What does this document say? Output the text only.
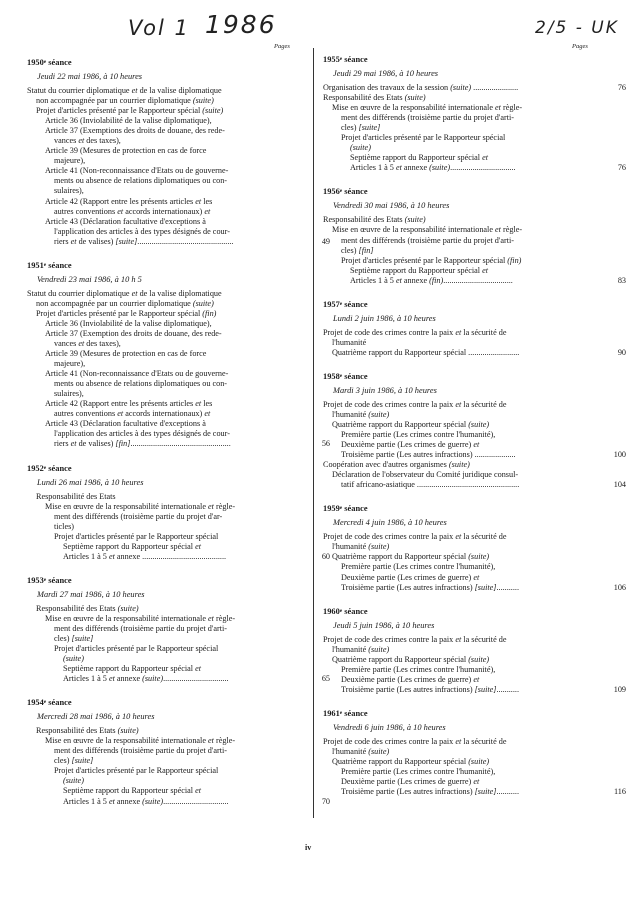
Vol 1 1986	2/5 - UK
Pages	Pages
1950e séance
Jeudi 22 mai 1986, à 10 heures
Statut du courrier diplomatique et de la valise diplomatique
non accompagnée par un courrier diplomatique (suite)
Projet d'articles présenté par le Rapporteur spécial (suite)
Article 36 (Inviolabilité de la valise diplomatique),
Article 37 (Exemptions des droits de douane, des rede-
vances et des taxes),
Article 39 (Mesures de protection en cas de force
majeure),
Article 41 (Non-reconnaissance d'Etats ou de gouverne-
ments ou absence de relations diplomatiques ou con-
sulaires),
Article 42 (Rapport entre les présents articles et les
autres conventions et accords internationaux) et
Article 43 (Déclaration facultative d'exceptions à
l'application des articles à des types désignés de cour-
riers et de valises) [suite]...............................................	49
1951e séance
Vendredi 23 mai 1986, à 10 h 5
Statut du courrier diplomatique et de la valise diplomatique
non accompagnée par un courrier diplomatique (suite)
Projet d'articles présenté par le Rapporteur spécial (fin)
Article 36 (Inviolabilité de la valise diplomatique),
Article 37 (Exemption des droits de douane, des rede-
vances et des taxes),
Article 39 (Mesures de protection en cas de force
majeure),
Article 41 (Non-reconnaissance d'Etats ou de gouverne-
ments ou absence de relations diplomatiques ou con-
sulaires),
Article 42 (Rapport entre les présents articles et les
autres conventions et accords internationaux) et
Article 43 (Déclaration facultative d'exceptions à
l'application des articles à des types désignés de cour-
riers et de valises) [fin].................................................	56
1952e séance
Lundi 26 mai 1986, à 10 heures
Responsabilité des Etats
Mise en œuvre de la responsabilité internationale et règle-
ment des différends (troisième partie du projet d'ar-
ticles)
Projet d'articles présenté par le Rapporteur spécial
Septième rapport du Rapporteur spécial et
Articles 1 à 5 et annexe .........................................	60
1953e séance
Mardi 27 mai 1986, à 10 heures
Responsabilité des Etats (suite)
Mise en œuvre de la responsabilité internationale et règle-
ment des différends (troisième partie du projet d'arti-
cles) [suite]
Projet d'articles présenté par le Rapporteur spécial
(suite)
Septième rapport du Rapporteur spécial et
Articles 1 à 5 et annexe (suite)................................	65
1954e séance
Mercredi 28 mai 1986, à 10 heures
Responsabilité des Etats (suite)
Mise en œuvre de la responsabilité internationale et règle-
ment des différends (troisième partie du projet d'arti-
cles) [suite]
Projet d'articles présenté par le Rapporteur spécial
(suite)
Septième rapport du Rapporteur spécial et
Articles 1 à 5 et annexe (suite)................................	70
1955e séance
Jeudi 29 mai 1986, à 10 heures
Organisation des travaux de la session (suite) ......................	76
Responsabilité des Etats (suite)
Mise en œuvre de la responsabilité internationale et règle-
ment des différends (troisième partie du projet d'arti-
cles) [suite]
Projet d'articles présenté par le Rapporteur spécial
(suite)
Septième rapport du Rapporteur spécial et
Articles 1 à 5 et annexe (suite)................................	76
1956e séance
Vendredi 30 mai 1986, à 10 heures
Responsabilité des Etats (suite)
Mise en œuvre de la responsabilité internationale et règle-
ment des différends (troisième partie du projet d'arti-
cles) [fin]
Projet d'articles présenté par le Rapporteur spécial (fin)
Septième rapport du Rapporteur spécial et
Articles 1 à 5 et annexe (fin)..................................	83
1957e séance
Lundi 2 juin 1986, à 10 heures
Projet de code des crimes contre la paix et la sécurité de
l'humanité
Quatrième rapport du Rapporteur spécial .........................	90
1958e séance
Mardi 3 juin 1986, à 10 heures
Projet de code des crimes contre la paix et la sécurité de
l'humanité (suite)
Quatrième rapport du Rapporteur spécial (suite)
Première partie (Les crimes contre l'humanité),
Deuxième partie (Les crimes de guerre) et
Troisième partie (Les autres infractions) ....................	100
Coopération avec d'autres organismes (suite)
Déclaration de l'observateur du Comité juridique consul-
tatif africano-asiatique ..................................................	104
1959e séance
Mercredi 4 juin 1986, à 10 heures
Projet de code des crimes contre la paix et la sécurité de
l'humanité (suite)
Quatrième rapport du Rapporteur spécial (suite)
Première partie (Les crimes contre l'humanité),
Deuxième partie (Les crimes de guerre) et
Troisième partie (Les autres infractions) [suite]...........	106
1960e séance
Jeudi 5 juin 1986, à 10 heures
Projet de code des crimes contre la paix et la sécurité de
l'humanité (suite)
Quatrième rapport du Rapporteur spécial (suite)
Première partie (Les crimes contre l'humanité),
Deuxième partie (Les crimes de guerre) et
Troisième partie (Les autres infractions) [suite]...........	109
1961e séance
Vendredi 6 juin 1986, à 10 heures
Projet de code des crimes contre la paix et la sécurité de
l'humanité (suite)
Quatrième rapport du Rapporteur spécial (suite)
Première partie (Les crimes contre l'humanité),
Deuxième partie (Les crimes de guerre) et
Troisième partie (Les autres infractions) [suite]...........	116
iv
